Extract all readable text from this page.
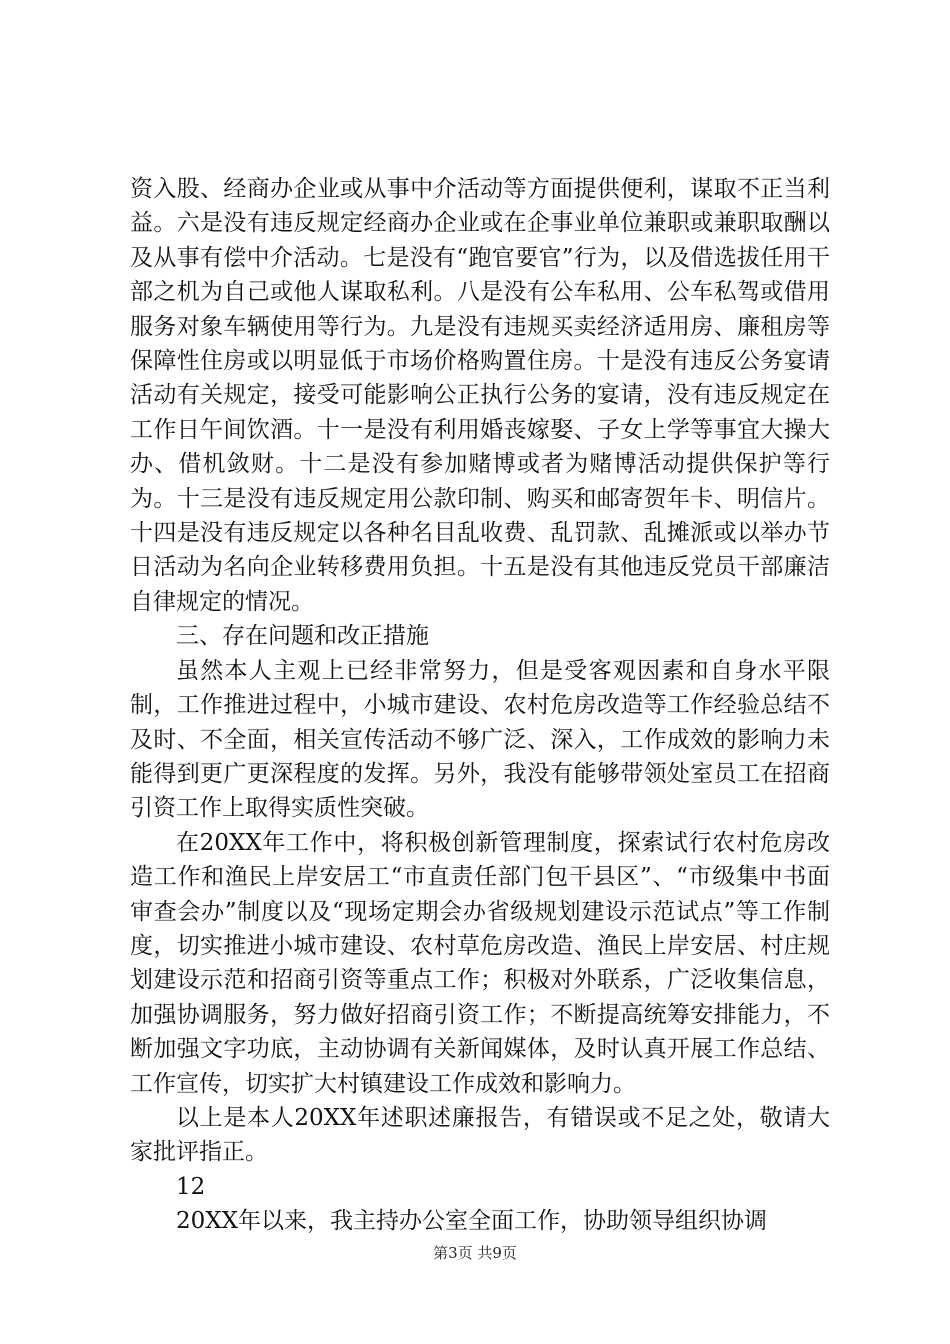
资入股、经商办企业或从事中介活动等方面提供便利，谋取不正当利益。六是没有违反规定经商办企业或在企事业单位兼职或兼职取酬以及从事有偿中介活动。七是没有“跑官要官”行为，以及借选拔任用干部之机为自己或他人谋取私利。八是没有公车私用、公车私驾或借用服务对象车辆使用等行为。九是没有违规买卖经济适用房、廉租房等保障性住房或以明显低于市场价格购置住房。十是没有违反公务宴请活动有关规定，接受可能影响公正执行公务的宴请，没有违反规定在工作日午间饮酒。十一是没有利用婚丧嫁娶、子女上学等事宜大操大办、借机敛财。十二是没有参加赌博或者为赌博活动提供保护等行为。十三是没有违反规定用公款印制、购买和邮寄贺年卡、明信片。十四是没有违反规定以各种名目乱收费、乱罚款、乱摊派或以举办节日活动为名向企业转移费用负担。十五是没有其他违反党员干部廉洁自律规定的情况。

三、存在问题和改正措施

虽然本人主观上已经非常努力，但是受客观因素和自身水平限制，工作推进过程中，小城市建设、农村危房改造等工作经验总结不及时、不全面，相关宣传活动不够广泛、深入，工作成效的影响力未能得到更广更深程度的发挥。另外，我没有能够带领处室员工在招商引资工作上取得实质性突破。

在20XX年工作中，将积极创新管理制度，探索试行农村危房改造工作和渔民上岸安居工“市直责任部门包干县区”、“市级集中书面审查会办”制度以及“现场定期会办省级规划建设示范试点”等工作制度，切实推进小城市建设、农村草危房改造、渔民上岸安居、村庄规划建设示范和招商引资等重点工作；积极对外联系，广泛收集信息，加强协调服务，努力做好招商引资工作；不断提高统筹安排能力，不断加强文字功底，主动协调有关新闻媒体，及时认真开展工作总结、工作宣传，切实扩大村镇建设工作成效和影响力。

以上是本人20XX年述职述廉报告，有错误或不足之处，敬请大家批评指正。

12

20XX年以来，我主持办公室全面工作，协助领导组织协调

第3页 共9页
